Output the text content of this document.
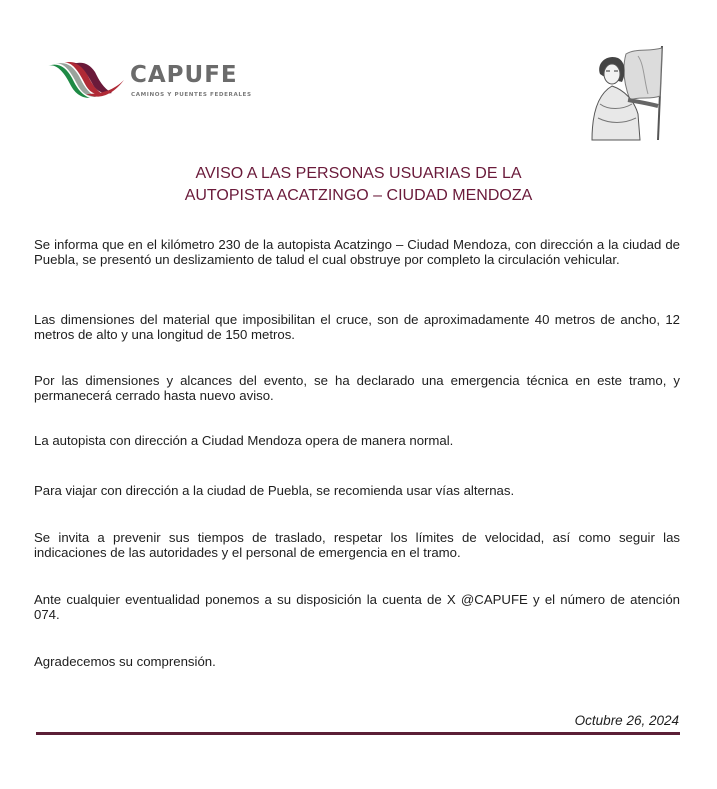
CAPUFE
CAMINOS Y PUENTES FEDERALES
AVISO A LAS PERSONAS USUARIAS DE LA
AUTOPISTA ACATZINGO – CIUDAD MENDOZA

Se informa que en el kilómetro 230 de la autopista Acatzingo – Ciudad Mendoza, con dirección a la ciudad de Puebla, se presentó un deslizamiento de talud el cual obstruye por completo la circulación vehicular.

Las dimensiones del material que imposibilitan el cruce, son de aproximadamente 40 metros de ancho, 12 metros de alto y una longitud de 150 metros.

Por las dimensiones y alcances del evento, se ha declarado una emergencia técnica en este tramo, y permanecerá cerrado hasta nuevo aviso.

La autopista con dirección a Ciudad Mendoza opera de manera normal.

Para viajar con dirección a la ciudad de Puebla, se recomienda usar vías alternas.

Se invita a prevenir sus tiempos de traslado, respetar los límites de velocidad, así como seguir las indicaciones de las autoridades y el personal de emergencia en el tramo.

Ante cualquier eventualidad ponemos a su disposición la cuenta de X @CAPUFE y el número de atención 074.

Agradecemos su comprensión.

Octubre 26, 2024
